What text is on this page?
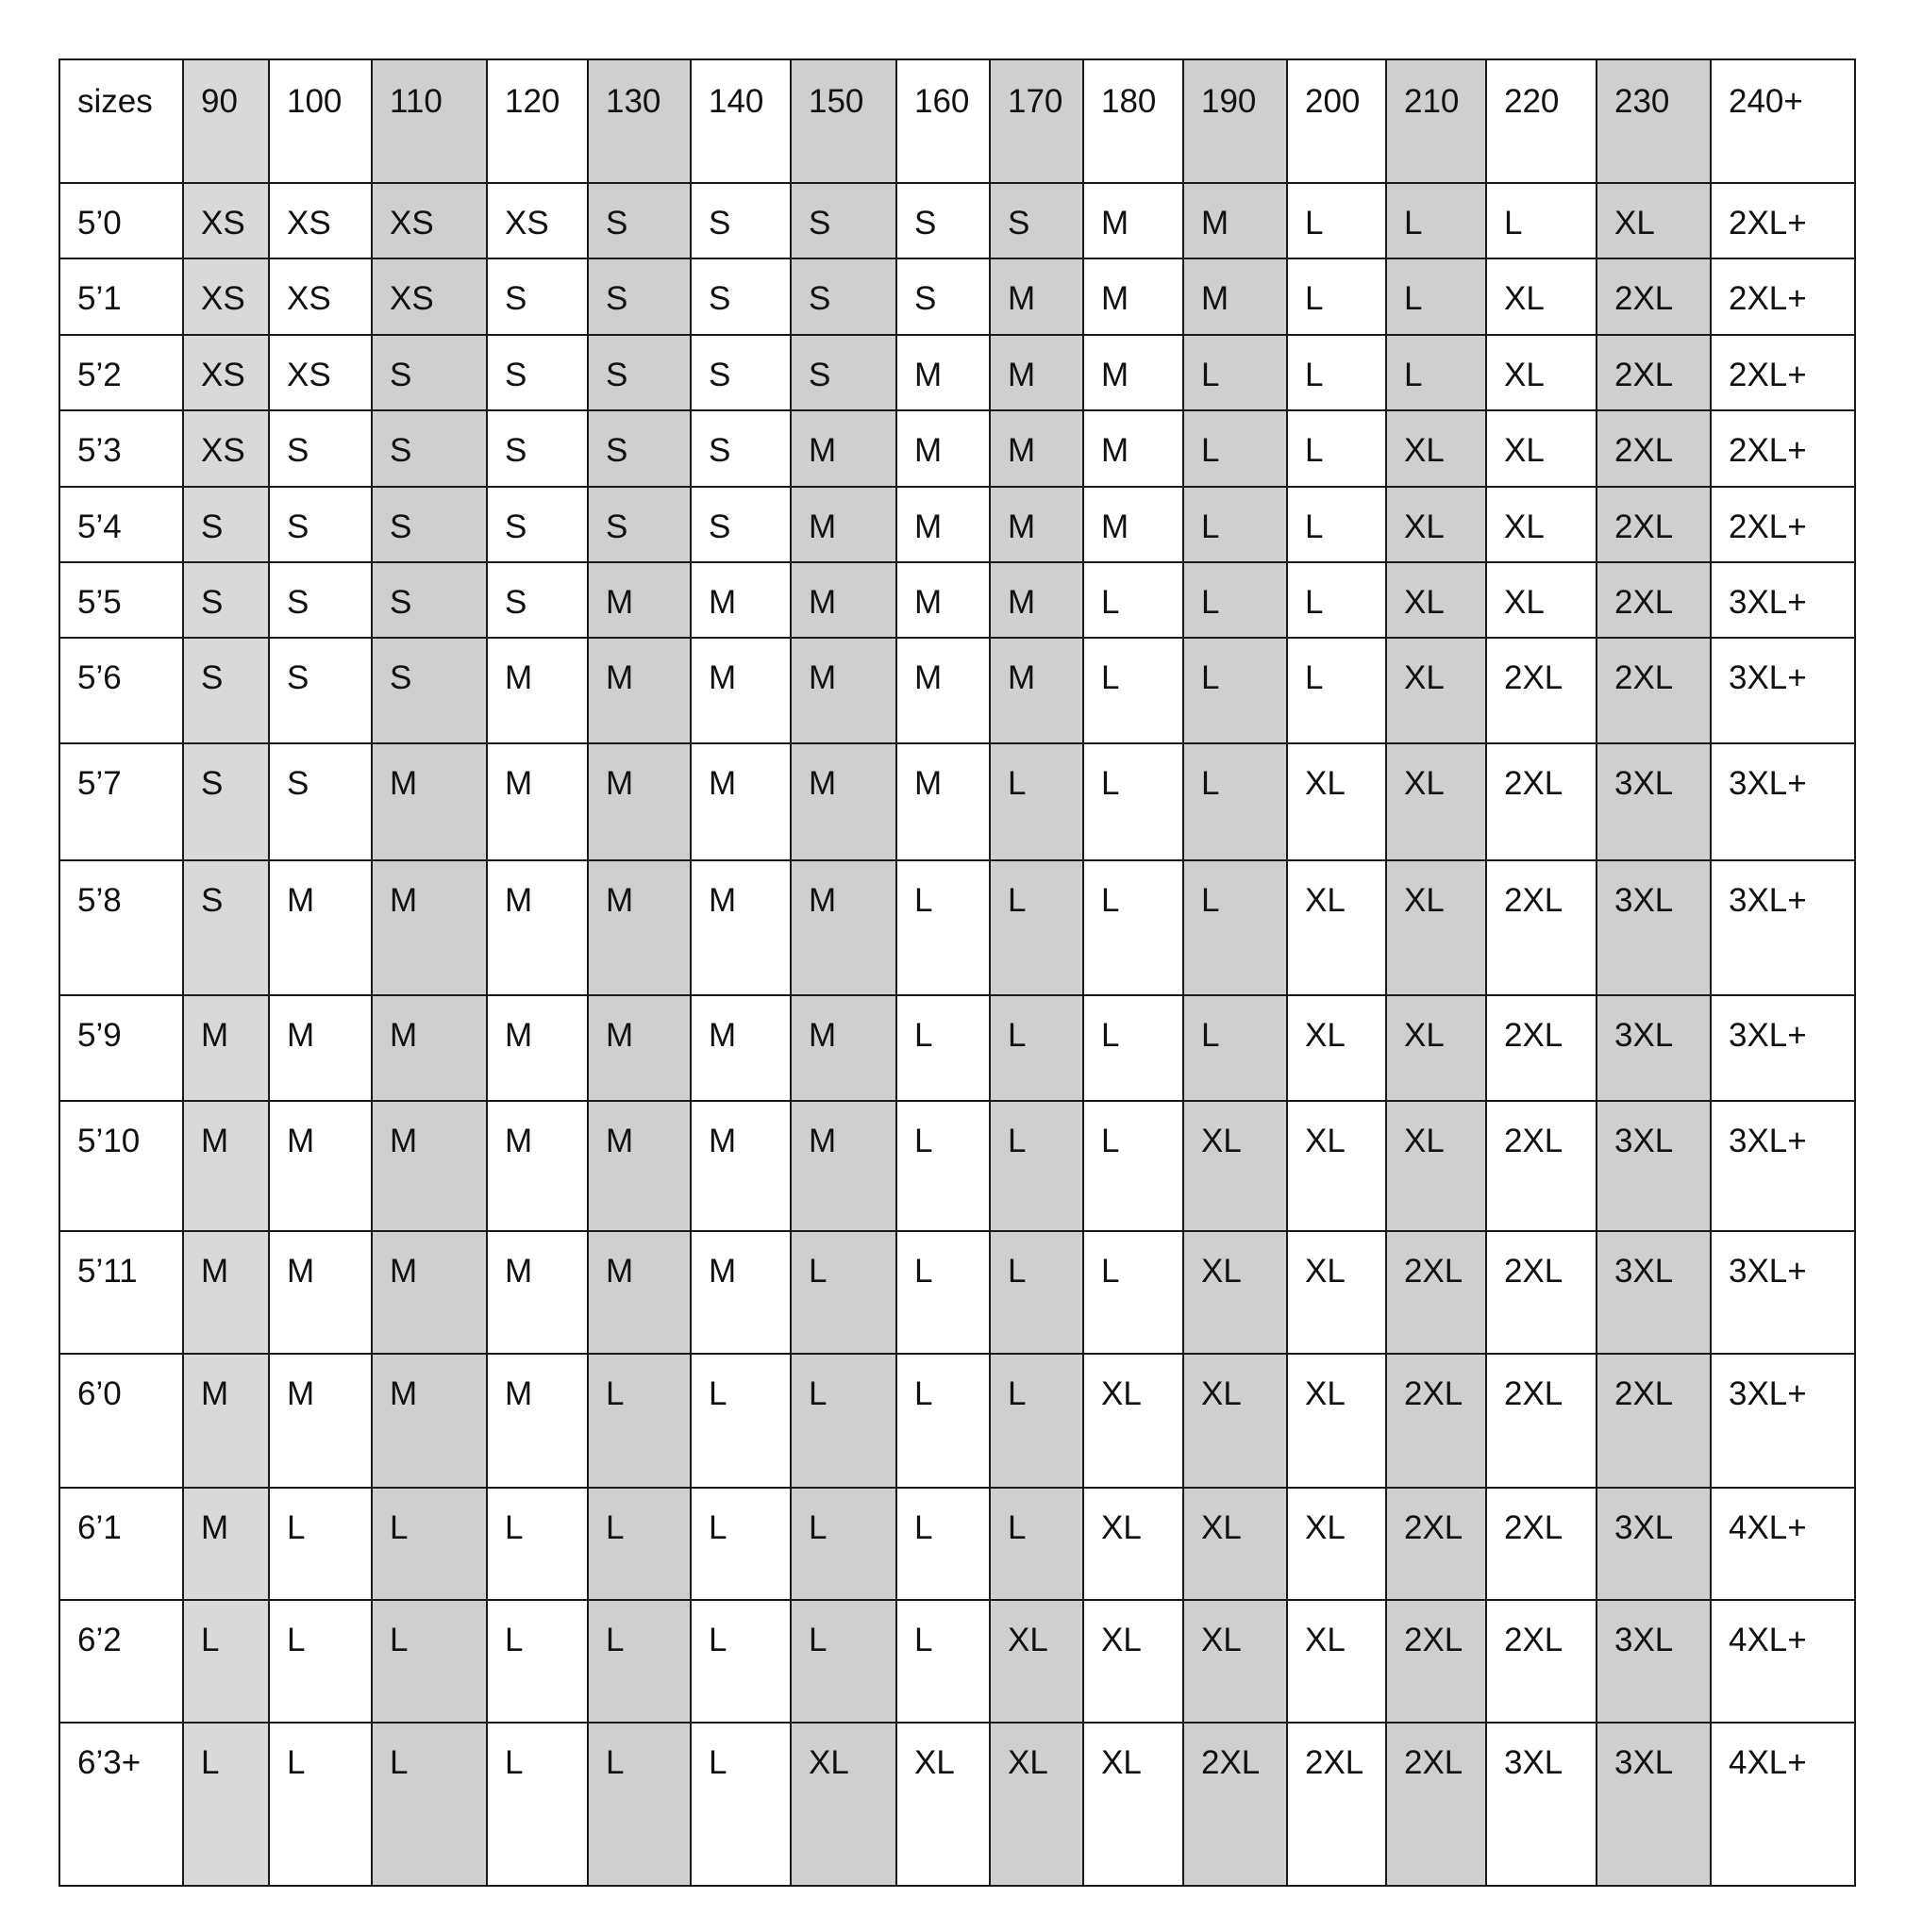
sizes	90	100	110	120	130	140	150	160	170	180	190	200	210	220	230	240+
5’0	XS	XS	XS	XS	S	S	S	S	S	M	M	L	L	L	XL	2XL+
5’1	XS	XS	XS	S	S	S	S	S	M	M	M	L	L	XL	2XL	2XL+
5’2	XS	XS	S	S	S	S	S	M	M	M	L	L	L	XL	2XL	2XL+
5’3	XS	S	S	S	S	S	M	M	M	M	L	L	XL	XL	2XL	2XL+
5’4	S	S	S	S	S	S	M	M	M	M	L	L	XL	XL	2XL	2XL+
5’5	S	S	S	S	M	M	M	M	M	L	L	L	XL	XL	2XL	3XL+
5’6	S	S	S	M	M	M	M	M	M	L	L	L	XL	2XL	2XL	3XL+
5’7	S	S	M	M	M	M	M	M	L	L	L	XL	XL	2XL	3XL	3XL+
5’8	S	M	M	M	M	M	M	L	L	L	L	XL	XL	2XL	3XL	3XL+
5’9	M	M	M	M	M	M	M	L	L	L	L	XL	XL	2XL	3XL	3XL+
5’10	M	M	M	M	M	M	M	L	L	L	XL	XL	XL	2XL	3XL	3XL+
5’11	M	M	M	M	M	M	L	L	L	L	XL	XL	2XL	2XL	3XL	3XL+
6’0	M	M	M	M	L	L	L	L	L	XL	XL	XL	2XL	2XL	2XL	3XL+
6’1	M	L	L	L	L	L	L	L	L	XL	XL	XL	2XL	2XL	3XL	4XL+
6’2	L	L	L	L	L	L	L	L	XL	XL	XL	XL	2XL	2XL	3XL	4XL+
6’3+	L	L	L	L	L	L	XL	XL	XL	XL	2XL	2XL	2XL	3XL	3XL	4XL+
